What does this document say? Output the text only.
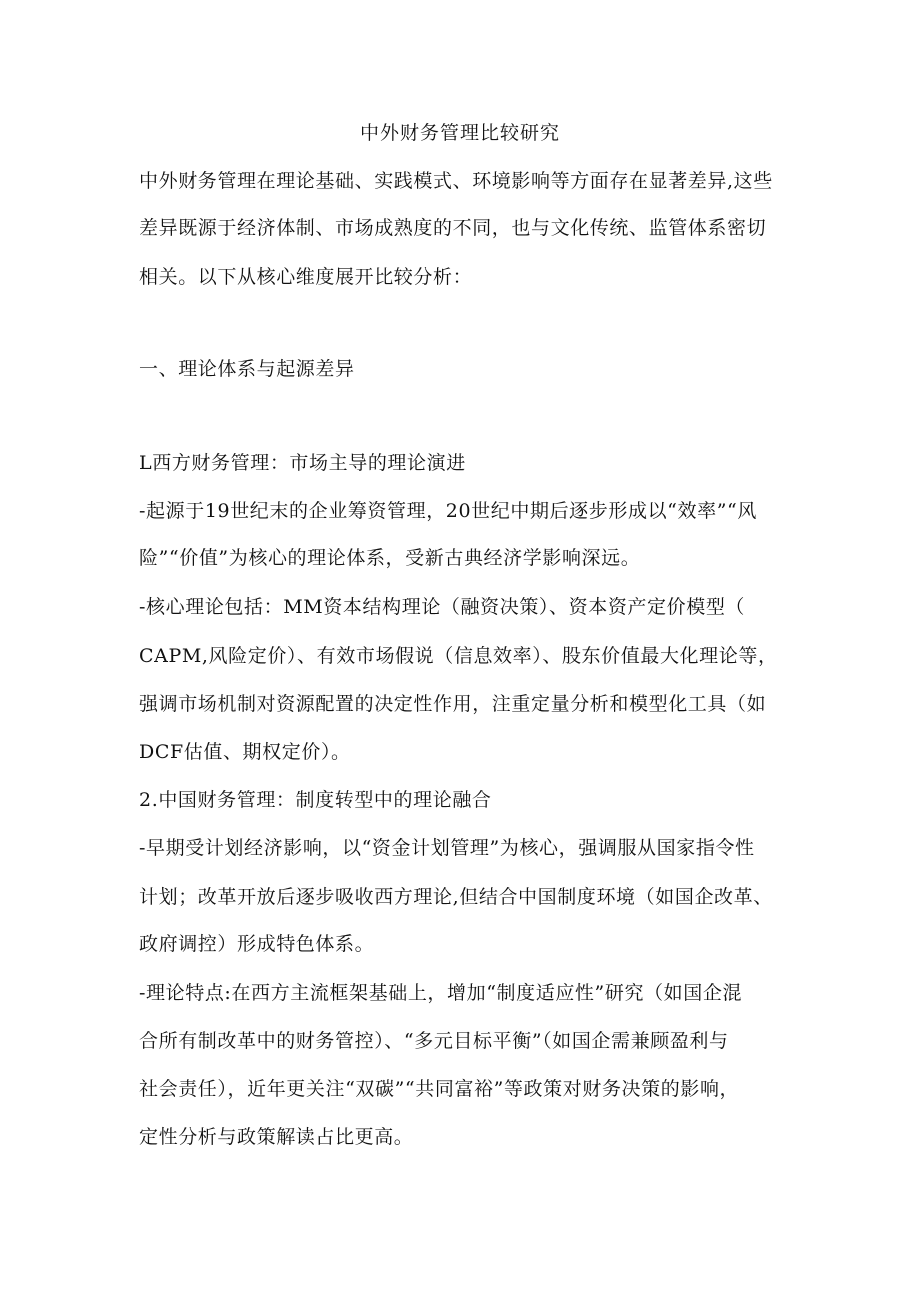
中外财务管理比较研究
中外财务管理在理论基础、实践模式、环境影响等方面存在显著差异,这些
差异既源于经济体制、市场成熟度的不同，也与文化传统、监管体系密切
相关。以下从核心维度展开比较分析：
一、理论体系与起源差异
L西方财务管理：市场主导的理论演进
-起源于19世纪末的企业筹资管理，20世纪中期后逐步形成以“效率”“风
险”“价值”为核心的理论体系，受新古典经济学影响深远。
-核心理论包括：MM资本结构理论（融资决策）、资本资产定价模型（
CAPM,风险定价）、有效市场假说（信息效率）、股东价值最大化理论等，
强调市场机制对资源配置的决定性作用，注重定量分析和模型化工具（如
DCF估值、期权定价）。
2.中国财务管理：制度转型中的理论融合
-早期受计划经济影响，以“资金计划管理”为核心，强调服从国家指令性
计划；改革开放后逐步吸收西方理论,但结合中国制度环境（如国企改革、
政府调控）形成特色体系。
-理论特点:在西方主流框架基础上，增加“制度适应性”研究（如国企混
合所有制改革中的财务管控）、“多元目标平衡”（如国企需兼顾盈利与
社会责任），近年更关注“双碳”“共同富裕”等政策对财务决策的影响，
定性分析与政策解读占比更高。
